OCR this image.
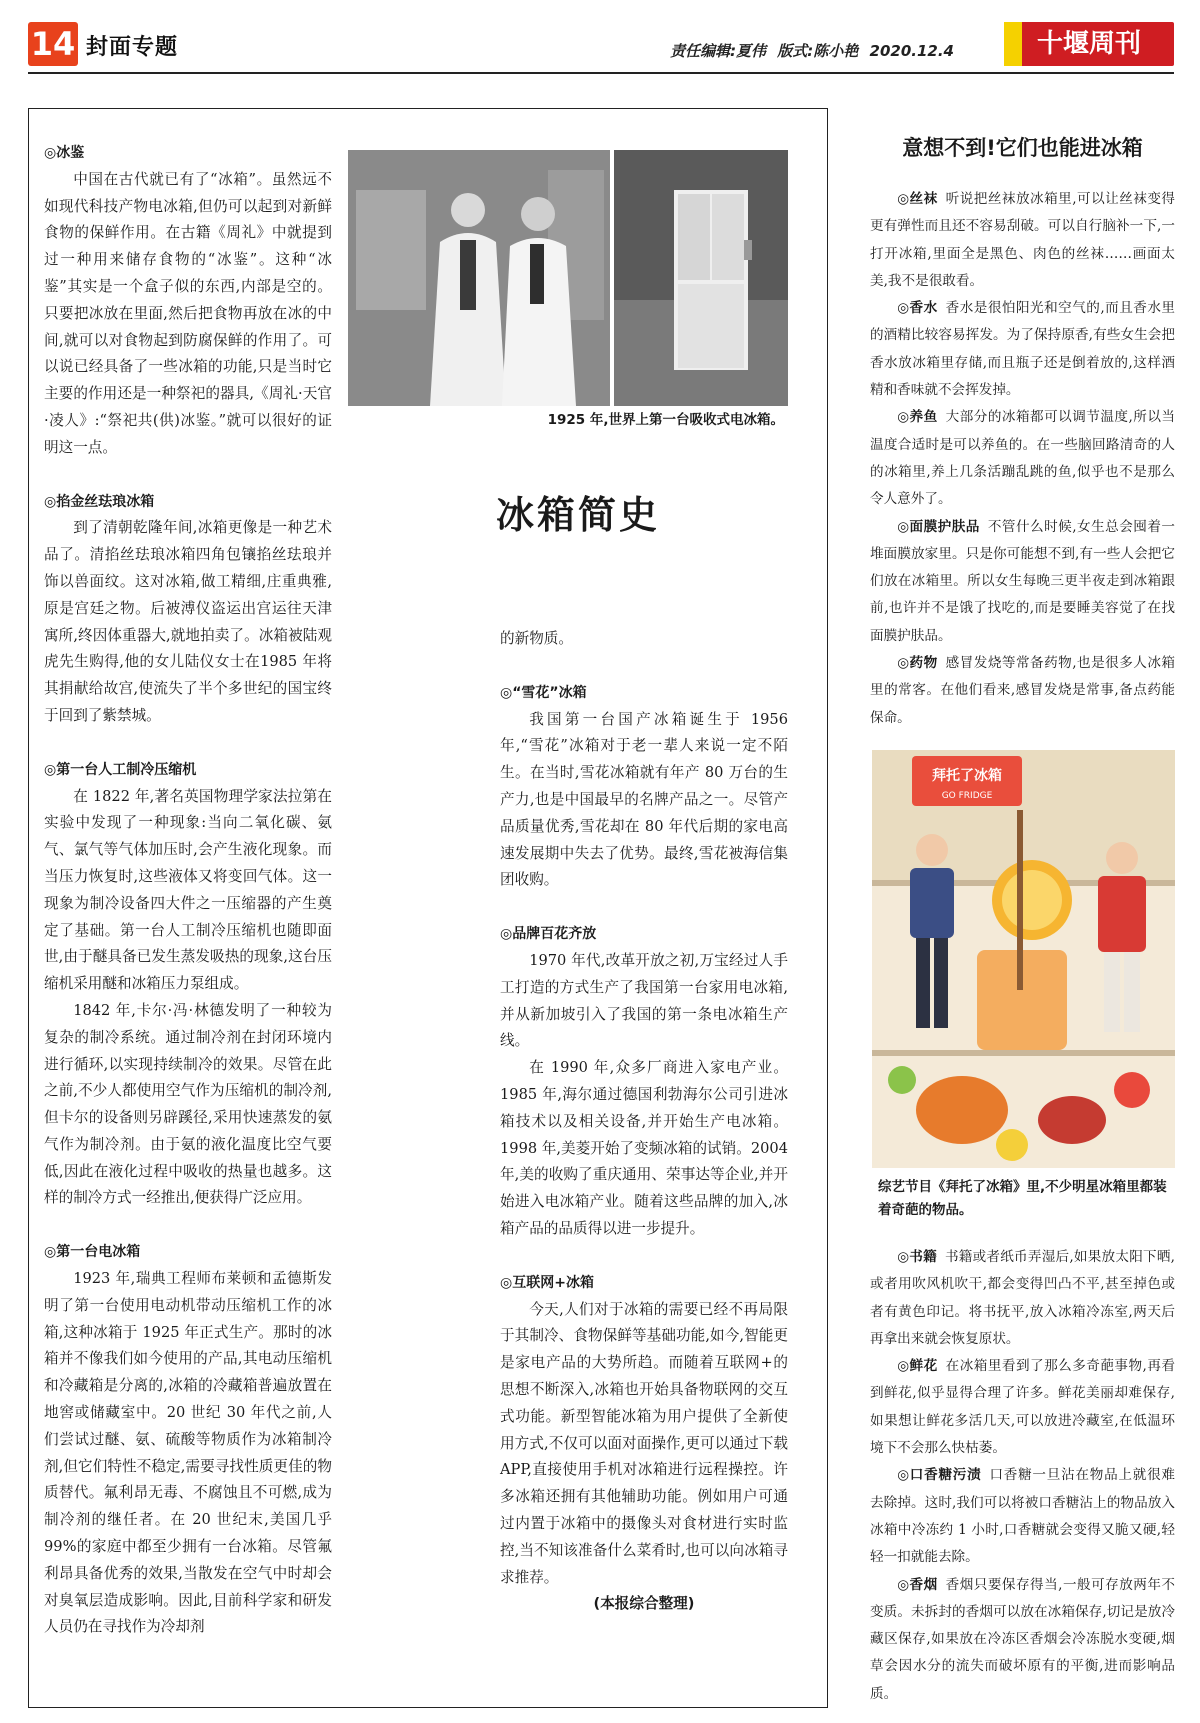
14 封面专题	责任编辑:夏伟 版式:陈小艳 2020.12.4	十堰周刊
1925 年,世界上第一台吸收式电冰箱。
冰箱简史
◎冰鉴

中国在古代就已有了“冰箱”。虽然远不如现代科技产物电冰箱,但仍可以起到对新鲜食物的保鲜作用。在古籍《周礼》中就提到过一种用来储存食物的“冰鉴”。这种“冰鉴”其实是一个盒子似的东西,内部是空的。只要把冰放在里面,然后把食物再放在冰的中间,就可以对食物起到防腐保鲜的作用了。可以说已经具备了一些冰箱的功能,只是当时它主要的作用还是一种祭祀的器具,《周礼·天官·凌人》:“祭祀共(供)冰鉴。”就可以很好的证明这一点。

◎掐金丝珐琅冰箱

到了清朝乾隆年间,冰箱更像是一种艺术品了。清掐丝珐琅冰箱四角包镶掐丝珐琅并饰以兽面纹。这对冰箱,做工精细,庄重典雅,原是宫廷之物。后被溥仪盗运出宫运往天津寓所,终因体重器大,就地拍卖了。冰箱被陆观虎先生购得,他的女儿陆仪女士在1985 年将其捐献给故宫,使流失了半个多世纪的国宝终于回到了紫禁城。

◎第一台人工制冷压缩机

在 1822 年,著名英国物理学家法拉第在实验中发现了一种现象:当向二氧化碳、氨气、氯气等气体加压时,会产生液化现象。而当压力恢复时,这些液体又将变回气体。这一现象为制冷设备四大件之一压缩器的产生奠定了基础。第一台人工制冷压缩机也随即面世,由于醚具备已发生蒸发吸热的现象,这台压缩机采用醚和冰箱压力泵组成。

1842 年,卡尔·冯·林德发明了一种较为复杂的制冷系统。通过制冷剂在封闭环境内进行循环,以实现持续制冷的效果。尽管在此之前,不少人都使用空气作为压缩机的制冷剂,但卡尔的设备则另辟蹊径,采用快速蒸发的氨气作为制冷剂。由于氨的液化温度比空气要低,因此在液化过程中吸收的热量也越多。这样的制冷方式一经推出,便获得广泛应用。

◎第一台电冰箱

1923 年,瑞典工程师布莱顿和孟德斯发明了第一台使用电动机带动压缩机工作的冰箱,这种冰箱于 1925 年正式生产。那时的冰箱并不像我们如今使用的产品,其电动压缩机和冷藏箱是分离的,冰箱的冷藏箱普遍放置在地窖或储藏室中。20 世纪 30 年代之前,人们尝试过醚、氨、硫酸等物质作为冰箱制冷剂,但它们特性不稳定,需要寻找性质更佳的物质替代。氟利昂无毒、不腐蚀且不可燃,成为制冷剂的继任者。在 20 世纪末,美国几乎 99%的家庭中都至少拥有一台冰箱。尽管氟利昂具备优秀的效果,当散发在空气中时却会对臭氧层造成影响。因此,目前科学家和研发人员仍在寻找作为冷却剂

的新物质。

◎“雪花”冰箱

我国第一台国产冰箱诞生于 1956 年,“雪花”冰箱对于老一辈人来说一定不陌生。在当时,雪花冰箱就有年产 80 万台的生产力,也是中国最早的名牌产品之一。尽管产品质量优秀,雪花却在 80 年代后期的家电高速发展期中失去了优势。最终,雪花被海信集团收购。

◎品牌百花齐放

1970 年代,改革开放之初,万宝经过人手工打造的方式生产了我国第一台家用电冰箱,并从新加坡引入了我国的第一条电冰箱生产线。

在 1990 年,众多厂商进入家电产业。1985 年,海尔通过德国利勃海尔公司引进冰箱技术以及相关设备,并开始生产电冰箱。1998 年,美菱开始了变频冰箱的试销。2004 年,美的收购了重庆通用、荣事达等企业,并开始进入电冰箱产业。随着这些品牌的加入,冰箱产品的品质得以进一步提升。

◎互联网+冰箱

今天,人们对于冰箱的需要已经不再局限于其制冷、食物保鲜等基础功能,如今,智能更是家电产品的大势所趋。而随着互联网+的思想不断深入,冰箱也开始具备物联网的交互式功能。新型智能冰箱为用户提供了全新使用方式,不仅可以面对面操作,更可以通过下载 APP,直接使用手机对冰箱进行远程操控。许多冰箱还拥有其他辅助功能。例如用户可通过内置于冰箱中的摄像头对食材进行实时监控,当不知该准备什么菜肴时,也可以向冰箱寻求推荐。

(本报综合整理)

意想不到!它们也能进冰箱

◎丝袜 听说把丝袜放冰箱里,可以让丝袜变得更有弹性而且还不容易刮破。可以自行脑补一下,一打开冰箱,里面全是黑色、肉色的丝袜……画面太美,我不是很敢看。

◎香水 香水是很怕阳光和空气的,而且香水里的酒精比较容易挥发。为了保持原香,有些女生会把香水放冰箱里存储,而且瓶子还是倒着放的,这样酒精和香味就不会挥发掉。

◎养鱼 大部分的冰箱都可以调节温度,所以当温度合适时是可以养鱼的。在一些脑回路清奇的人的冰箱里,养上几条活蹦乱跳的鱼,似乎也不是那么令人意外了。

◎面膜护肤品 不管什么时候,女生总会囤着一堆面膜放家里。只是你可能想不到,有一些人会把它们放在冰箱里。所以女生每晚三更半夜走到冰箱跟前,也许并不是饿了找吃的,而是要睡美容觉了在找面膜护肤品。

◎药物 感冒发烧等常备药物,也是很多人冰箱里的常客。在他们看来,感冒发烧是常事,备点药能保命。

拜托了冰箱
GO FRIDGE
综艺节目《拜托了冰箱》里,不少明星冰箱里都装着奇葩的物品。

◎书籍 书籍或者纸币弄湿后,如果放太阳下晒,或者用吹风机吹干,都会变得凹凸不平,甚至掉色或者有黄色印记。将书抚平,放入冰箱冷冻室,两天后再拿出来就会恢复原状。

◎鲜花 在冰箱里看到了那么多奇葩事物,再看到鲜花,似乎显得合理了许多。鲜花美丽却难保存,如果想让鲜花多活几天,可以放进冷藏室,在低温环境下不会那么快枯萎。

◎口香糖污渍 口香糖一旦沾在物品上就很难去除掉。这时,我们可以将被口香糖沾上的物品放入冰箱中冷冻约 1 小时,口香糖就会变得又脆又硬,轻轻一扣就能去除。

◎香烟 香烟只要保存得当,一般可存放两年不变质。未拆封的香烟可以放在冰箱保存,切记是放冷藏区保存,如果放在冷冻区香烟会冷冻脱水变硬,烟草会因水分的流失而破坏原有的平衡,进而影响品质。
